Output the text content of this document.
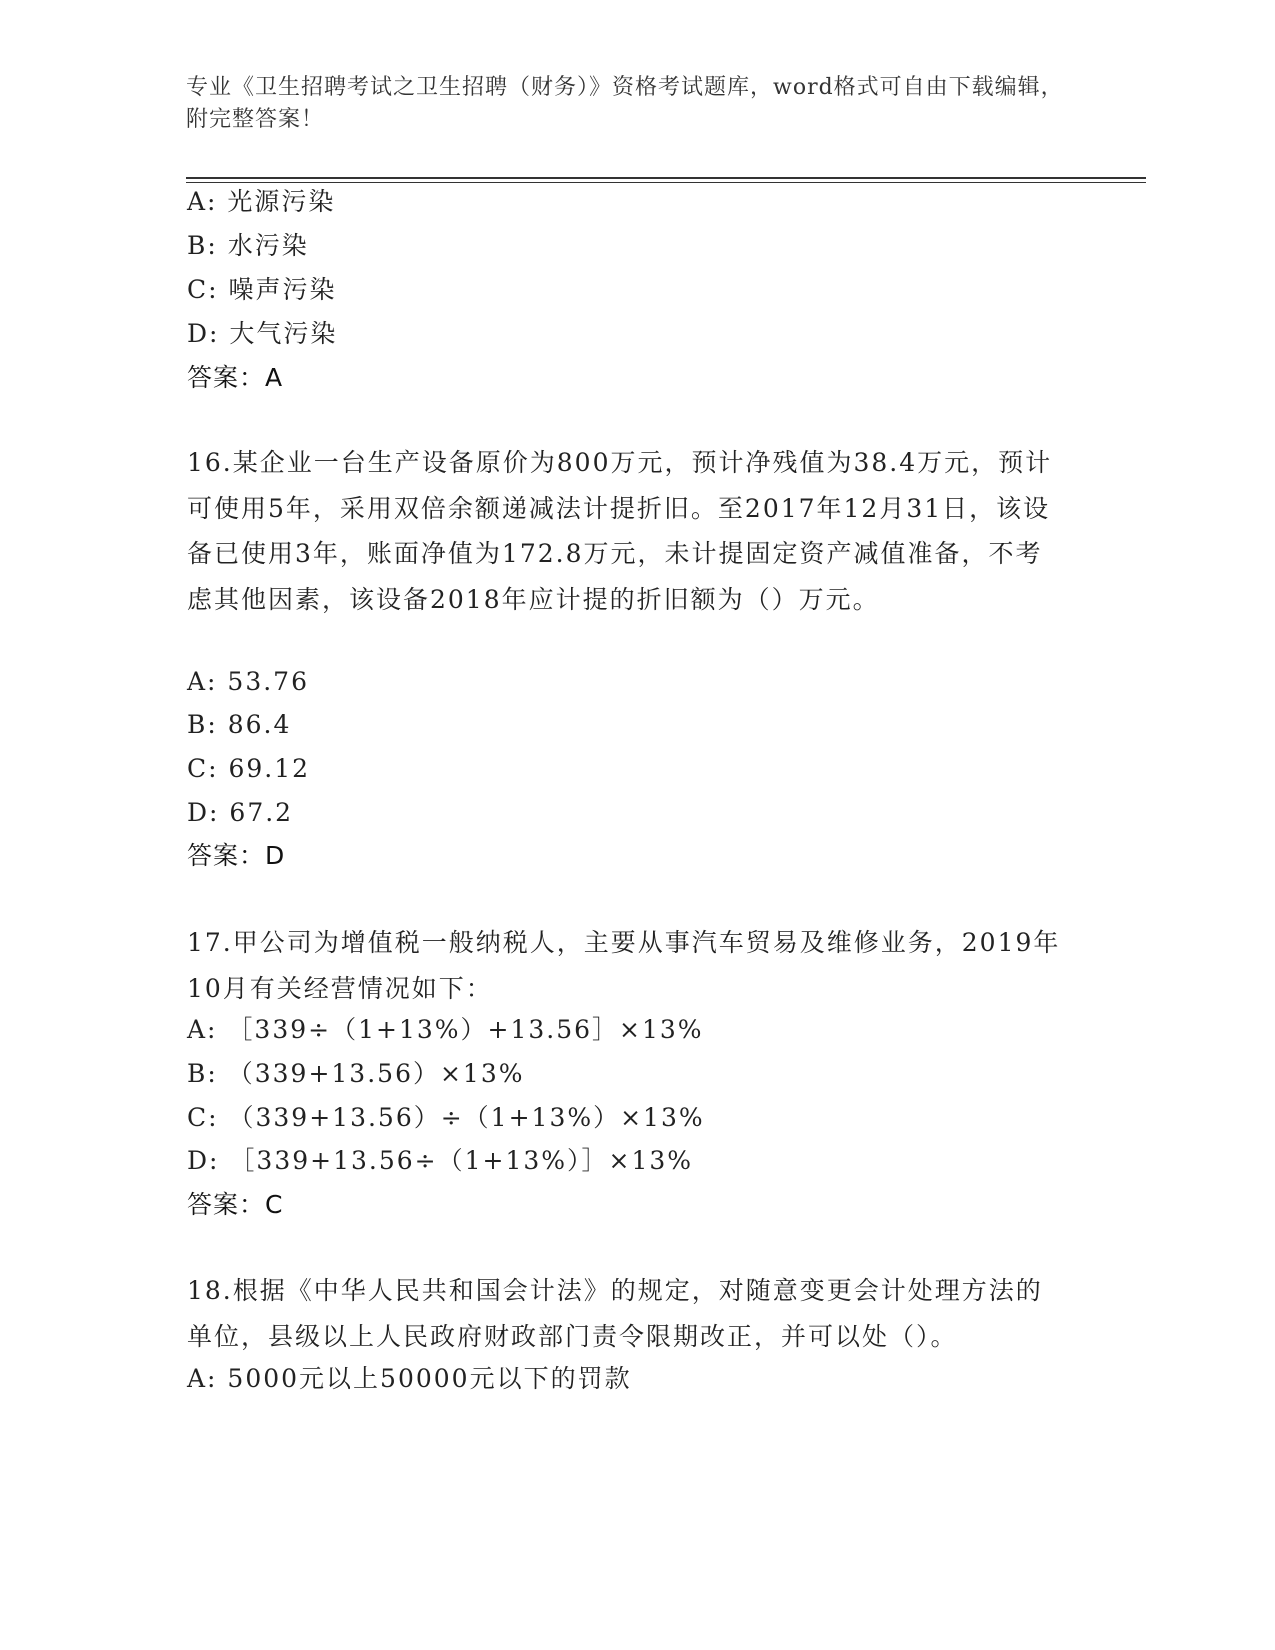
专业《卫生招聘考试之卫生招聘（财务）》资格考试题库，word格式可自由下载编辑，附完整答案！
A: 光源污染
B: 水污染
C: 噪声污染
D: 大气污染
答案：A
16.某企业一台生产设备原价为800万元，预计净残值为38.4万元，预计可使用5年，采用双倍余额递减法计提折旧。至2017年12月31日，该设备已使用3年，账面净值为172.8万元，未计提固定资产减值准备，不考虑其他因素，该设备2018年应计提的折旧额为（）万元。
A: 53.76
B: 86.4
C: 69.12
D: 67.2
答案：D
17.甲公司为增值税一般纳税人，主要从事汽车贸易及维修业务，2019年10月有关经营情况如下：
A: ［339÷（1+13%）+13.56］×13%
B: （339+13.56）×13%
C: （339+13.56）÷（1+13%）×13%
D: ［339+13.56÷（1+13%）］×13%
答案：C
18.根据《中华人民共和国会计法》的规定，对随意变更会计处理方法的单位，县级以上人民政府财政部门责令限期改正，并可以处（）。
A: 5000元以上50000元以下的罚款
